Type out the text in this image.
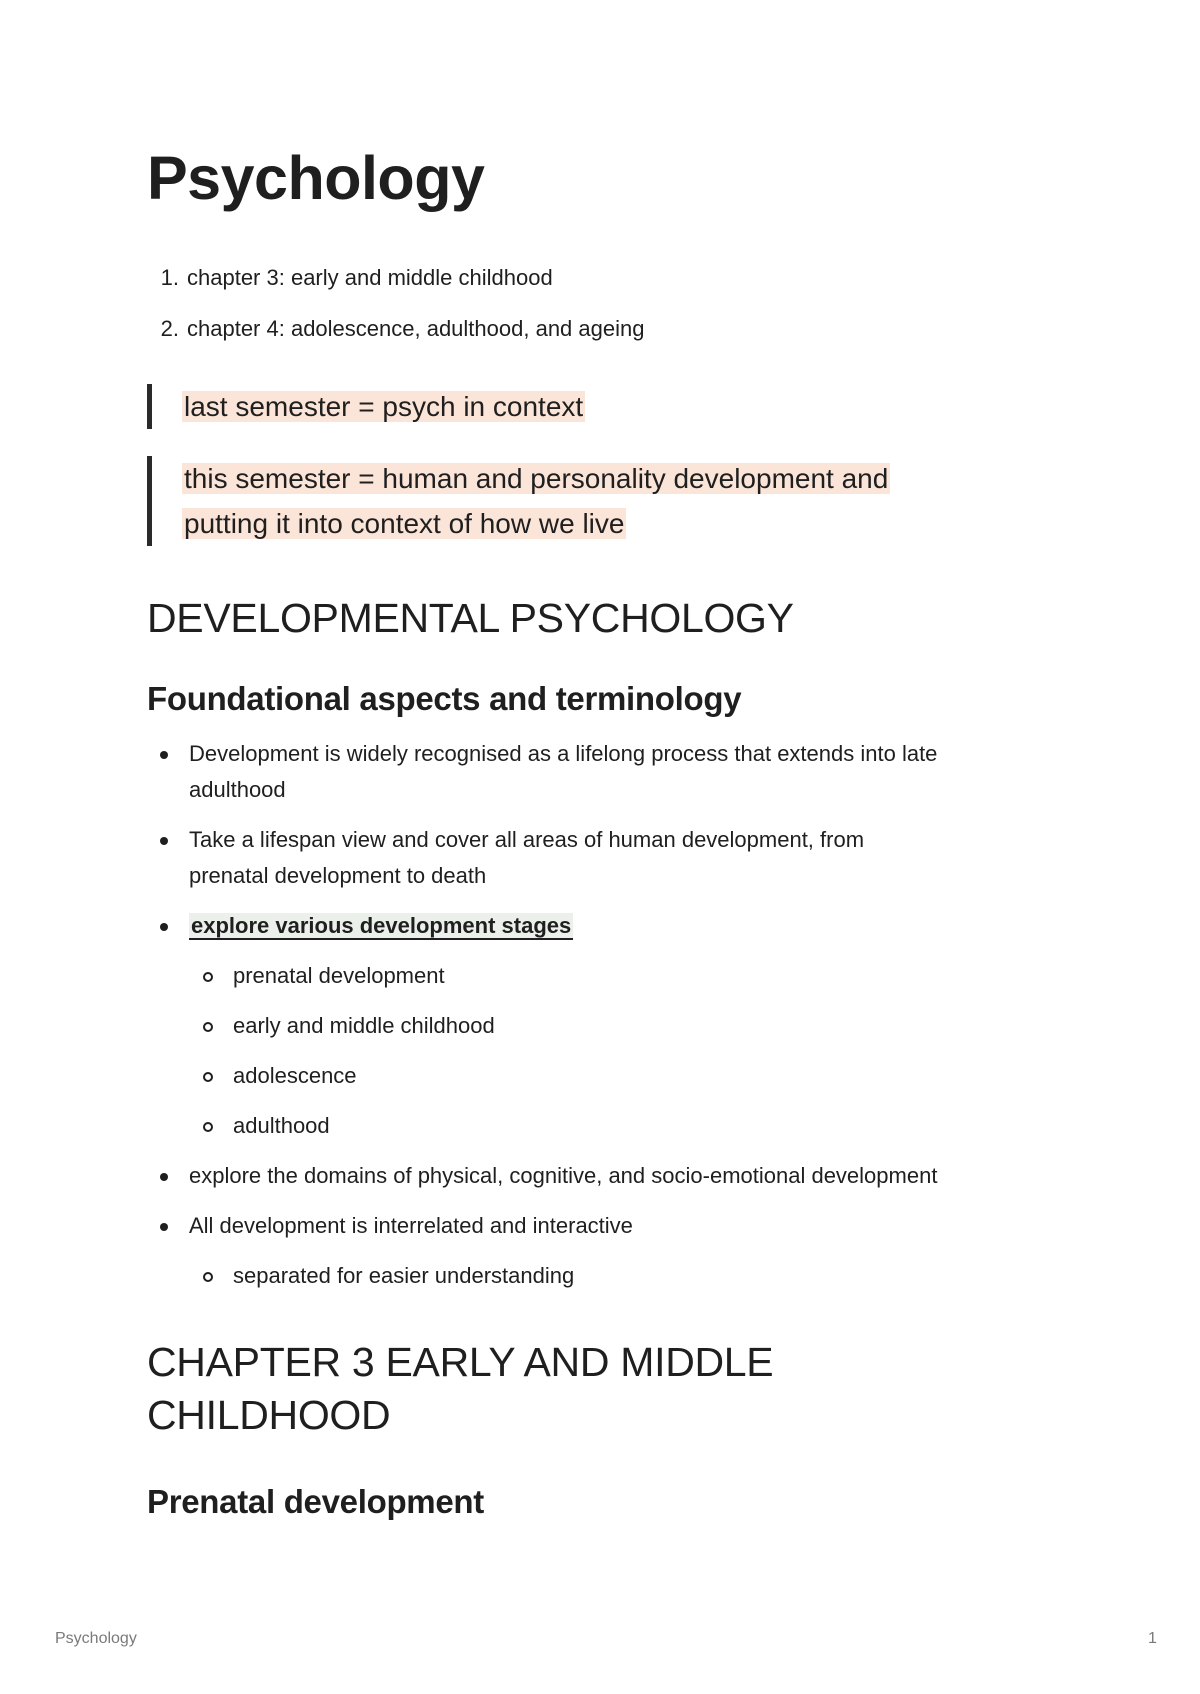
Psychology
1. chapter 3: early and middle childhood
2. chapter 4: adolescence, adulthood, and ageing
last semester = psych in context
this semester = human and personality development and
putting it into context of how we live
DEVELOPMENTAL PSYCHOLOGY
Foundational aspects and terminology
Development is widely recognised as a lifelong process that extends into late
adulthood
Take a lifespan view and cover all areas of human development, from
prenatal development to death
explore various development stages
prenatal development
early and middle childhood
adolescence
adulthood
explore the domains of physical, cognitive, and socio-emotional development
All development is interrelated and interactive
separated for easier understanding
CHAPTER 3 EARLY AND MIDDLE
CHILDHOOD
Prenatal development
Psychology	1
